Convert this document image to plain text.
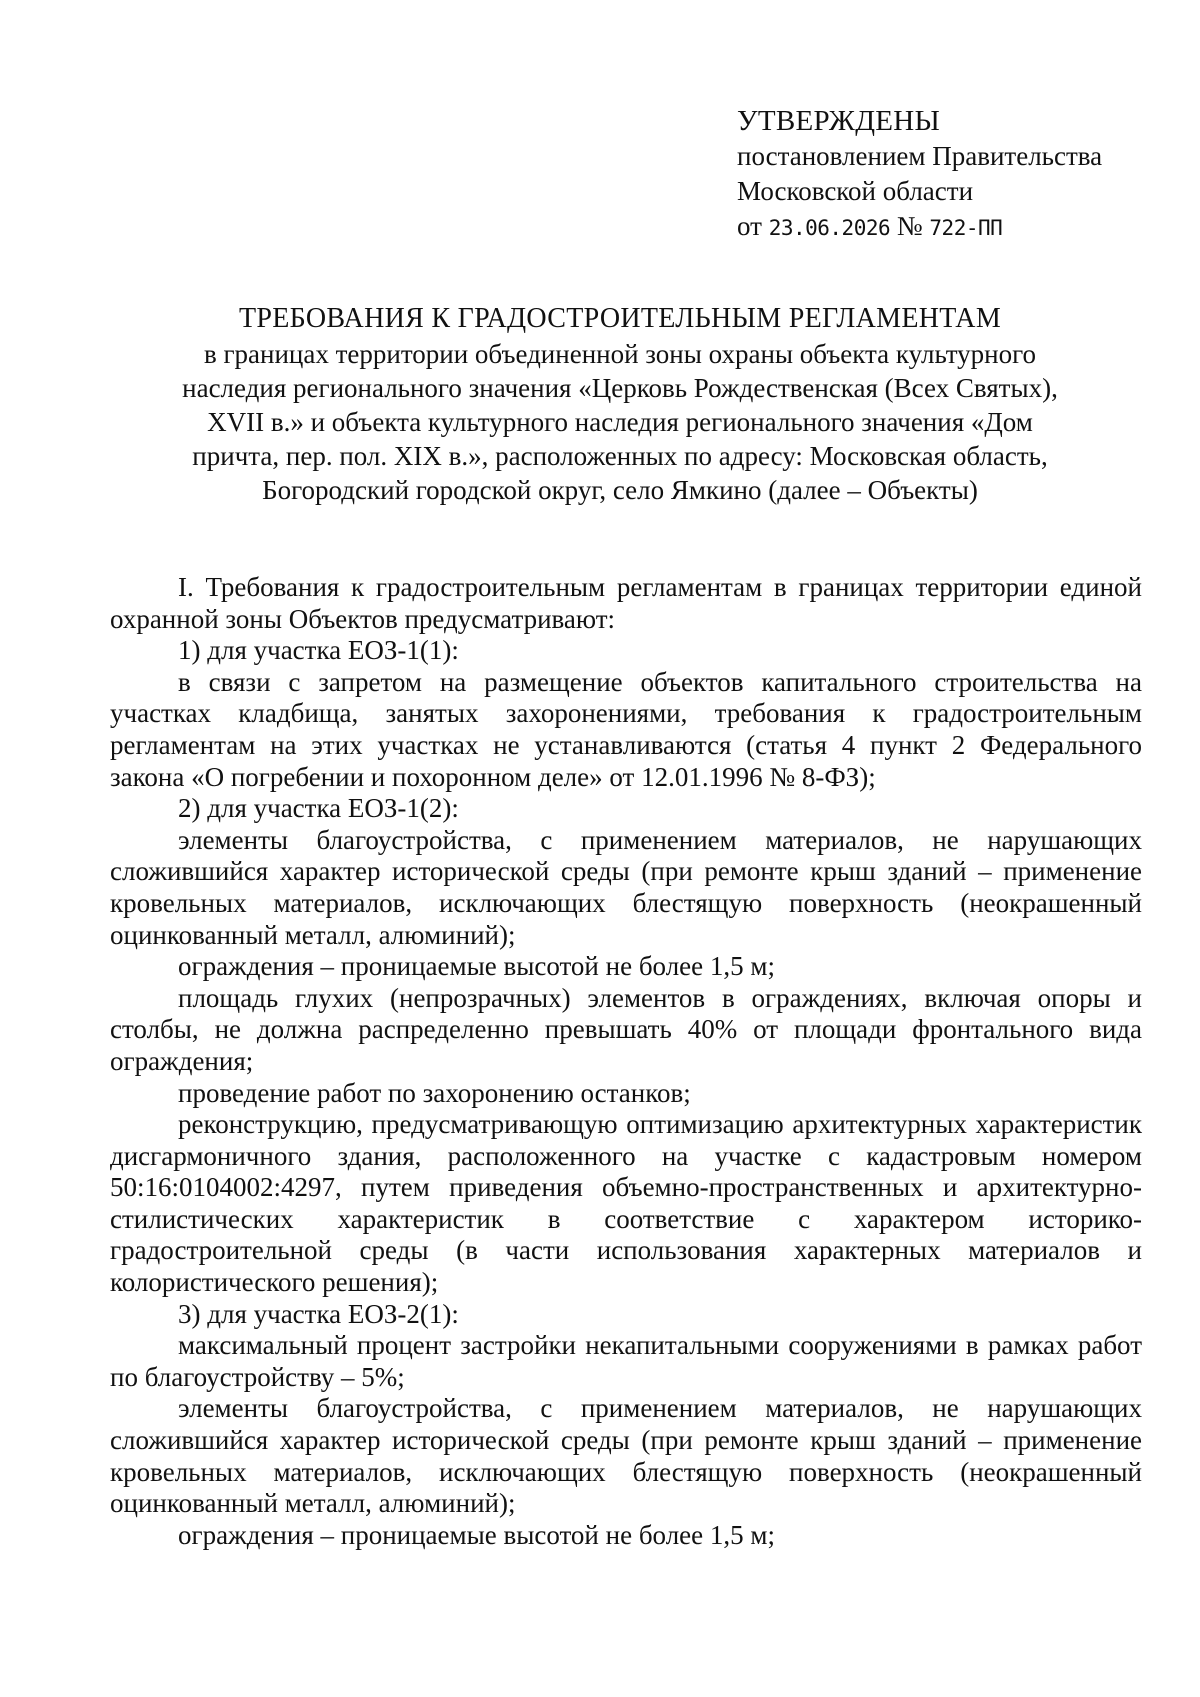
УТВЕРЖДЕНЫ
постановлением Правительства
Московской области
от 23.06.2026 № 722-ПП
ТРЕБОВАНИЯ К ГРАДОСТРОИТЕЛЬНЫМ РЕГЛАМЕНТАМ
в границах территории объединенной зоны охраны объекта культурного
наследия регионального значения «Церковь Рождественская (Всех Святых),
XVII в.» и объекта культурного наследия регионального значения «Дом
причта, пер. пол. XIX в.», расположенных по адресу: Московская область,
Богородский городской округ, село Ямкино (далее – Объекты)

I. Требования к градостроительным регламентам в границах территории единой охранной зоны Объектов предусматривают:

1) для участка ЕОЗ-1(1):

в связи с запретом на размещение объектов капитального строительства на участках кладбища, занятых захоронениями, требования к градостроительным регламентам на этих участках не устанавливаются (статья 4 пункт 2 Федерального закона «О погребении и похоронном деле» от 12.01.1996 № 8-ФЗ);

2) для участка ЕОЗ-1(2):

элементы благоустройства, с применением материалов, не нарушающих сложившийся характер исторической среды (при ремонте крыш зданий – применение кровельных материалов, исключающих блестящую поверхность (неокрашенный оцинкованный металл, алюминий);

ограждения – проницаемые высотой не более 1,5 м;

площадь глухих (непрозрачных) элементов в ограждениях, включая опоры и столбы, не должна распределенно превышать 40% от площади фронтального вида ограждения;

проведение работ по захоронению останков;

реконструкцию, предусматривающую оптимизацию архитектурных характеристик дисгармоничного здания, расположенного на участке с кадастровым номером 50:16:0104002:4297, путем приведения объемно-пространственных и архитектурно- стилистических характеристик в соответствие с характером историко- градостроительной среды (в части использования характерных материалов и колористического решения);

3) для участка ЕОЗ-2(1):

максимальный процент застройки некапитальными сооружениями в рамках работ по благоустройству – 5%;

элементы благоустройства, с применением материалов, не нарушающих сложившийся характер исторической среды (при ремонте крыш зданий – применение кровельных материалов, исключающих блестящую поверхность (неокрашенный оцинкованный металл, алюминий);

ограждения – проницаемые высотой не более 1,5 м;
